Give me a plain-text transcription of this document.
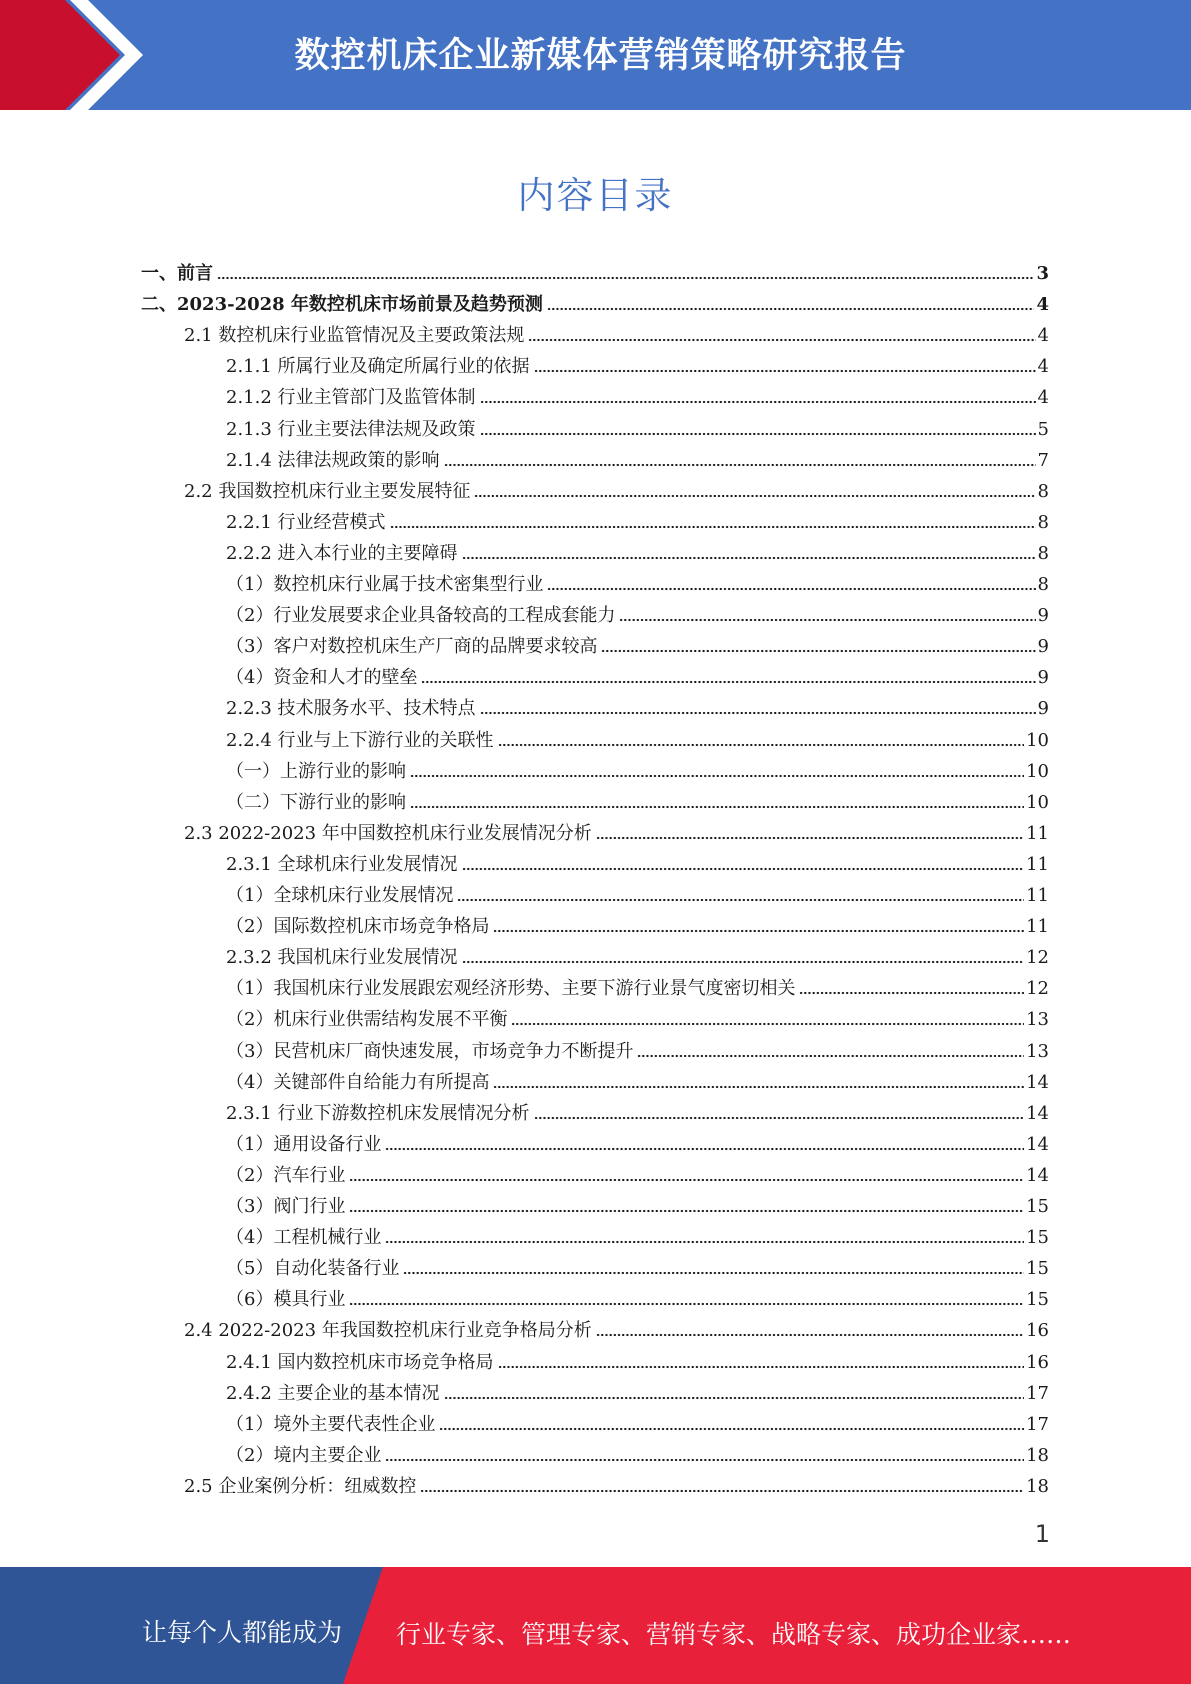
数控机床企业新媒体营销策略研究报告
内容目录
一、前言	3
二、2023-2028 年数控机床市场前景及趋势预测	4
2.1 数控机床行业监管情况及主要政策法规	4
2.1.1 所属行业及确定所属行业的依据	4
2.1.2 行业主管部门及监管体制	4
2.1.3 行业主要法律法规及政策	5
2.1.4 法律法规政策的影响	7
2.2 我国数控机床行业主要发展特征	8
2.2.1 行业经营模式	8
2.2.2 进入本行业的主要障碍	8
（1）数控机床行业属于技术密集型行业	8
（2）行业发展要求企业具备较高的工程成套能力	9
（3）客户对数控机床生产厂商的品牌要求较高	9
（4）资金和人才的壁垒	9
2.2.3 技术服务水平、技术特点	9
2.2.4 行业与上下游行业的关联性	10
（一）上游行业的影响	10
（二）下游行业的影响	10
2.3 2022-2023 年中国数控机床行业发展情况分析	11
2.3.1 全球机床行业发展情况	11
（1）全球机床行业发展情况	11
（2）国际数控机床市场竞争格局	11
2.3.2 我国机床行业发展情况	12
（1）我国机床行业发展跟宏观经济形势、主要下游行业景气度密切相关	12
（2）机床行业供需结构发展不平衡	13
（3）民营机床厂商快速发展，市场竞争力不断提升	13
（4）关键部件自给能力有所提高	14
2.3.1 行业下游数控机床发展情况分析	14
（1）通用设备行业	14
（2）汽车行业	14
（3）阀门行业	15
（4）工程机械行业	15
（5）自动化装备行业	15
（6）模具行业	15
2.4 2022-2023 年我国数控机床行业竞争格局分析	16
2.4.1 国内数控机床市场竞争格局	16
2.4.2 主要企业的基本情况	17
（1）境外主要代表性企业	17
（2）境内主要企业	18
2.5 企业案例分析：纽威数控	18
1
让每个人都能成为 行业专家、管理专家、营销专家、战略专家、成功企业家……
